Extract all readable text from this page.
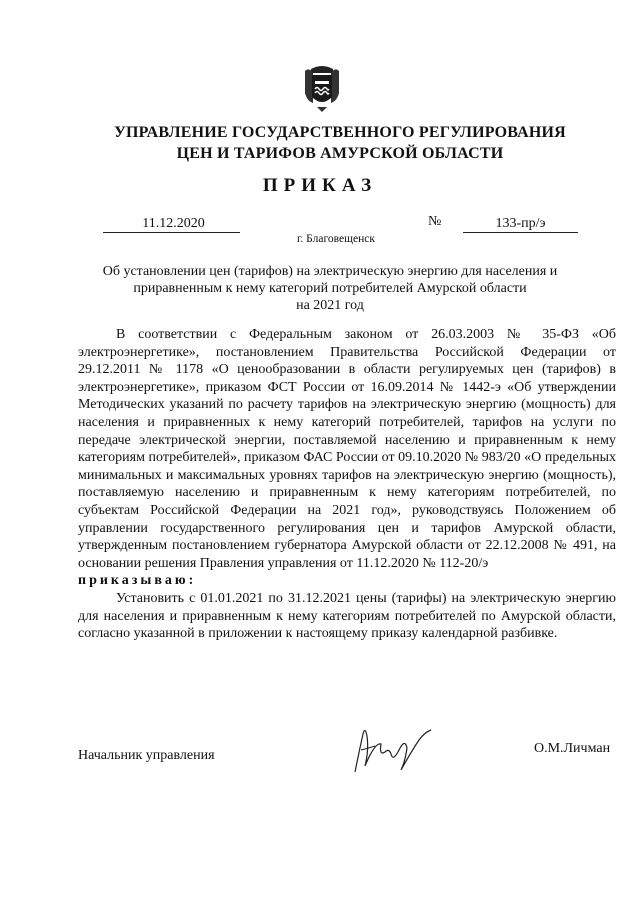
УПРАВЛЕНИЕ ГОСУДАРСТВЕННОГО РЕГУЛИРОВАНИЯ
ЦЕН И ТАРИФОВ АМУРСКОЙ ОБЛАСТИ
ПРИКАЗ
11.12.2020	№	133-пр/э
г. Благовещенск
Об установлении цен (тарифов) на электрическую энергию для населения и
приравненным к нему категорий потребителей Амурской области
на 2021 год

В соответствии с Федеральным законом от 26.03.2003 № 35-ФЗ «Об электроэнергетике», постановлением Правительства Российской Федерации от 29.12.2011 № 1178 «О ценообразовании в области регулируемых цен (тарифов) в электроэнергетике», приказом ФСТ России от 16.09.2014 № 1442-э «Об утверждении Методических указаний по расчету тарифов на электрическую энергию (мощность) для населения и приравненных к нему категорий потребителей, тарифов на услуги по передаче электрической энергии, поставляемой населению и приравненным к нему категориям потребителей», приказом ФАС России от 09.10.2020 № 983/20 «О предельных минимальных и максимальных уровнях тарифов на электрическую энергию (мощность), поставляемую населению и приравненным к нему категориям потребителей, по субъектам Российской Федерации на 2021 год», руководствуясь Положением об управлении государственного регулирования цен и тарифов Амурской области, утвержденным постановлением губернатора Амурской области от 22.12.2008 № 491, на основании решения Правления управления от 11.12.2020 № 112-20/э

приказываю:

Установить с 01.01.2021 по 31.12.2021 цены (тарифы) на электрическую энергию для населения и приравненным к нему категориям потребителей по Амурской области, согласно указанной в приложении к настоящему приказу календарной разбивке.

Начальник управления	О.М.Личман
